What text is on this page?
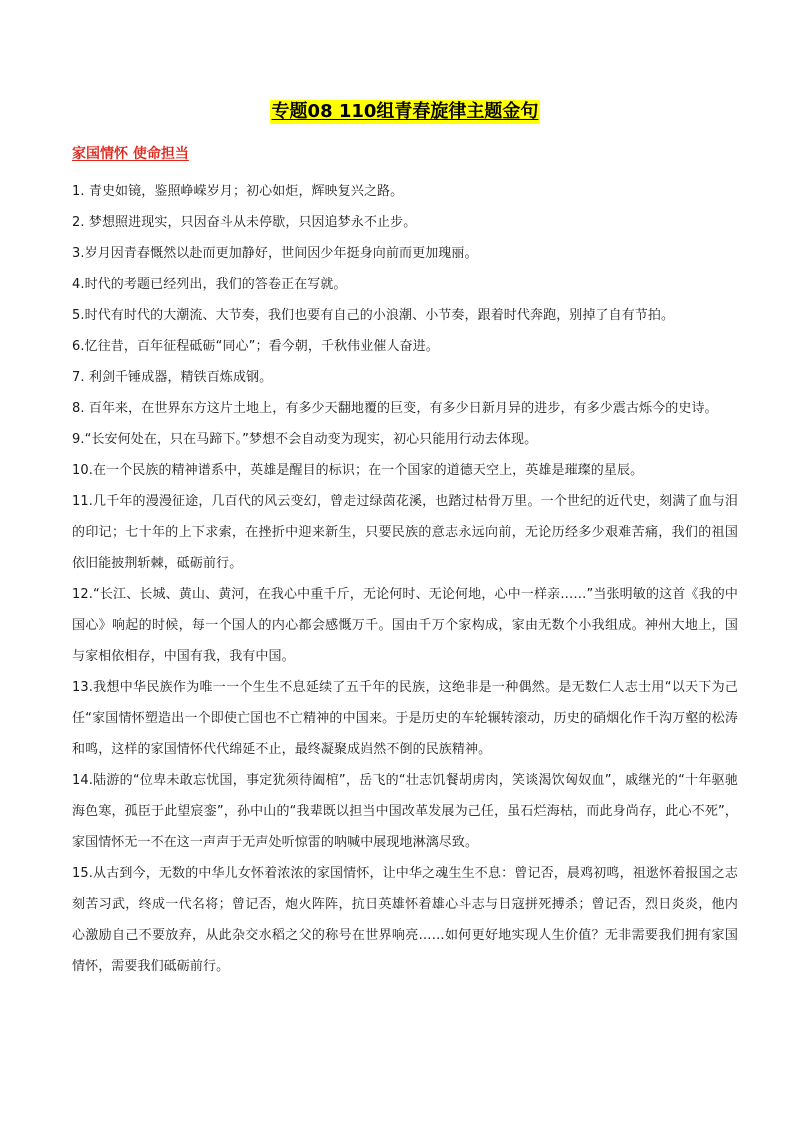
专题08 110组青春旋律主题金句
家国情怀 使命担当

1. 青史如镜，鉴照峥嵘岁月；初心如炬，辉映复兴之路。

2. 梦想照进现实，只因奋斗从未停歇，只因追梦永不止步。

3.岁月因青春慨然以赴而更加静好，世间因少年挺身向前而更加瑰丽。

4.时代的考题已经列出，我们的答卷正在写就。

5.时代有时代的大潮流、大节奏，我们也要有自己的小浪潮、小节奏，跟着时代奔跑，别掉了自有节拍。

6.忆往昔，百年征程砥砺“同心”；看今朝，千秋伟业催人奋进。

7. 利剑千锤成器，精铁百炼成钢。

8. 百年来，在世界东方这片土地上，有多少天翻地覆的巨变，有多少日新月异的进步，有多少震古烁今的史诗。

9.“长安何处在，只在马蹄下。”梦想不会自动变为现实，初心只能用行动去体现。

10.在一个民族的精神谱系中，英雄是醒目的标识；在一个国家的道德天空上，英雄是璀璨的星辰。

11.几千年的漫漫征途，几百代的风云变幻，曾走过绿茵花溪，也踏过枯骨万里。一个世纪的近代史，刻满了血与泪的印记；七十年的上下求索，在挫折中迎来新生，只要民族的意志永远向前，无论历经多少艰难苦痛，我们的祖国依旧能披荆斩棘，砥砺前行。

12.“长江、长城、黄山、黄河，在我心中重千斤，无论何时、无论何地，心中一样亲……”当张明敏的这首《我的中国心》响起的时候，每一个国人的内心都会感慨万千。国由千万个家构成，家由无数个小我组成。神州大地上，国与家相依相存，中国有我，我有中国。

13.我想中华民族作为唯一一个生生不息延续了五千年的民族，这绝非是一种偶然。是无数仁人志士用“以天下为己任“家国情怀塑造出一个即使亡国也不亡精神的中国来。于是历史的车轮辗转滚动，历史的硝烟化作千沟万壑的松涛和鸣，这样的家国情怀代代绵延不止，最终凝聚成岿然不倒的民族精神。

14.陆游的“位卑未敢忘忧国，事定犹须待阖棺”，岳飞的“壮志饥餐胡虏肉，笑谈渴饮匈奴血”，戚继光的“十年驱驰海色寒，孤臣于此望宸銮”，孙中山的“我辈既以担当中国改革发展为己任，虽石烂海枯，而此身尚存，此心不死”，家国情怀无一不在这一声声于无声处听惊雷的呐喊中展现地淋漓尽致。

15.从古到今，无数的中华儿女怀着浓浓的家国情怀，让中华之魂生生不息：曾记否，晨鸡初鸣，祖逖怀着报国之志刻苦习武，终成一代名将；曾记否，炮火阵阵，抗日英雄怀着雄心斗志与日寇拼死搏杀；曾记否，烈日炎炎，他内心激励自己不要放弃，从此杂交水稻之父的称号在世界响亮……如何更好地实现人生价值？无非需要我们拥有家国情怀，需要我们砥砺前行。
